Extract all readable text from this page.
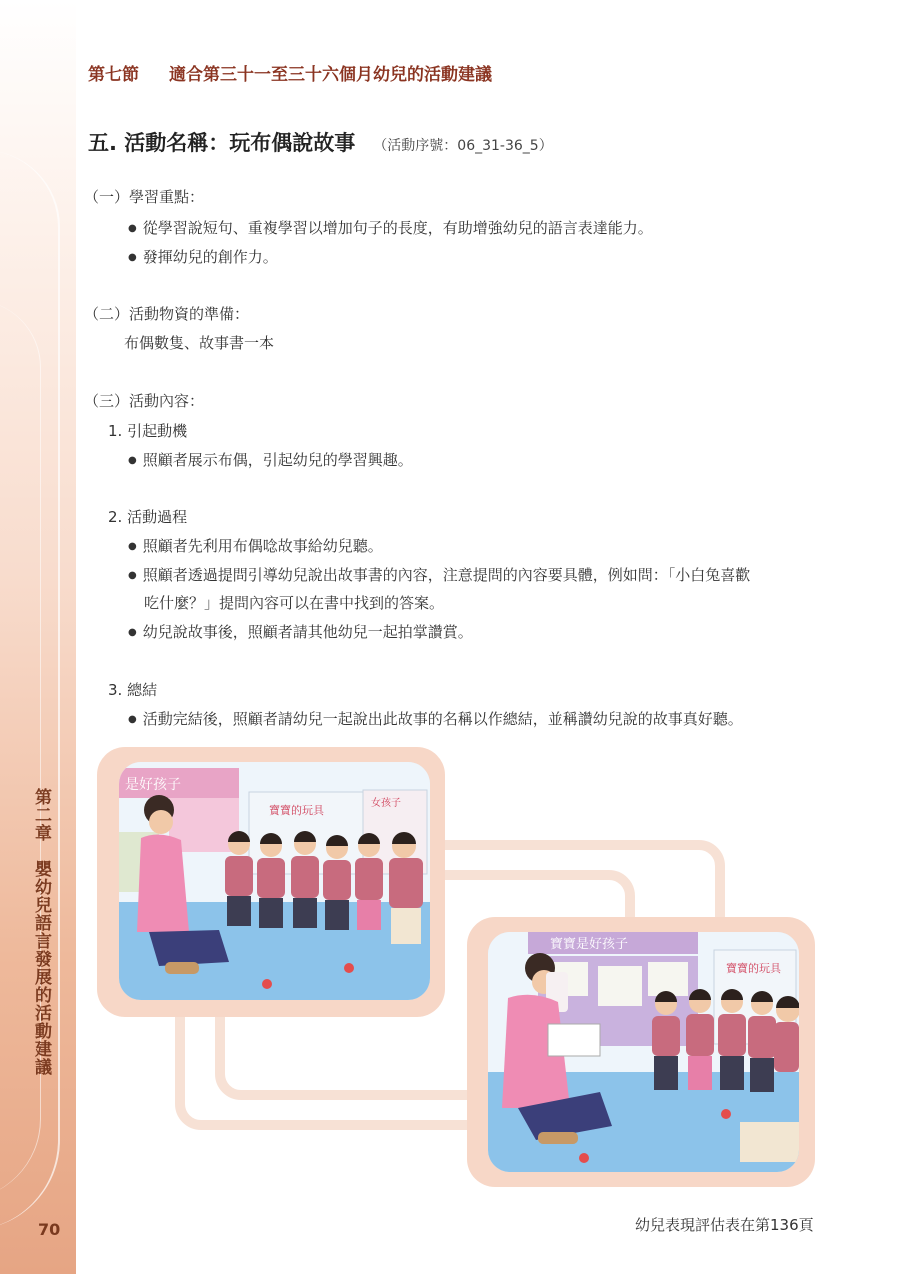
第二章　嬰幼兒語言發展的活動建議
70
第七節 適合第三十一至三十六個月幼兒的活動建議
五. 活動名稱：玩布偶說故事 （活動序號：06_31-36_5）
（一）學習重點：
● 從學習說短句、重複學習以增加句子的長度，有助增強幼兒的語言表達能力。
● 發揮幼兒的創作力。
（二）活動物資的準備：
布偶數隻、故事書一本
（三）活動內容：
1. 引起動機
● 照顧者展示布偶，引起幼兒的學習興趣。
2. 活動過程
● 照顧者先利用布偶唸故事給幼兒聽。
● 照顧者透過提問引導幼兒說出故事書的內容，注意提問的內容要具體，例如問：「小白兔喜歡
吃什麼？」提問內容可以在書中找到的答案。
● 幼兒說故事後，照顧者請其他幼兒一起拍掌讚賞。
3. 總結
● 活動完結後，照顧者請幼兒一起說出此故事的名稱以作總結，並稱讚幼兒說的故事真好聽。
是好孩子
寶寶的玩具
女孩子
寶寶是好孩子
寶寶的玩具
幼兒表現評估表在第136頁
